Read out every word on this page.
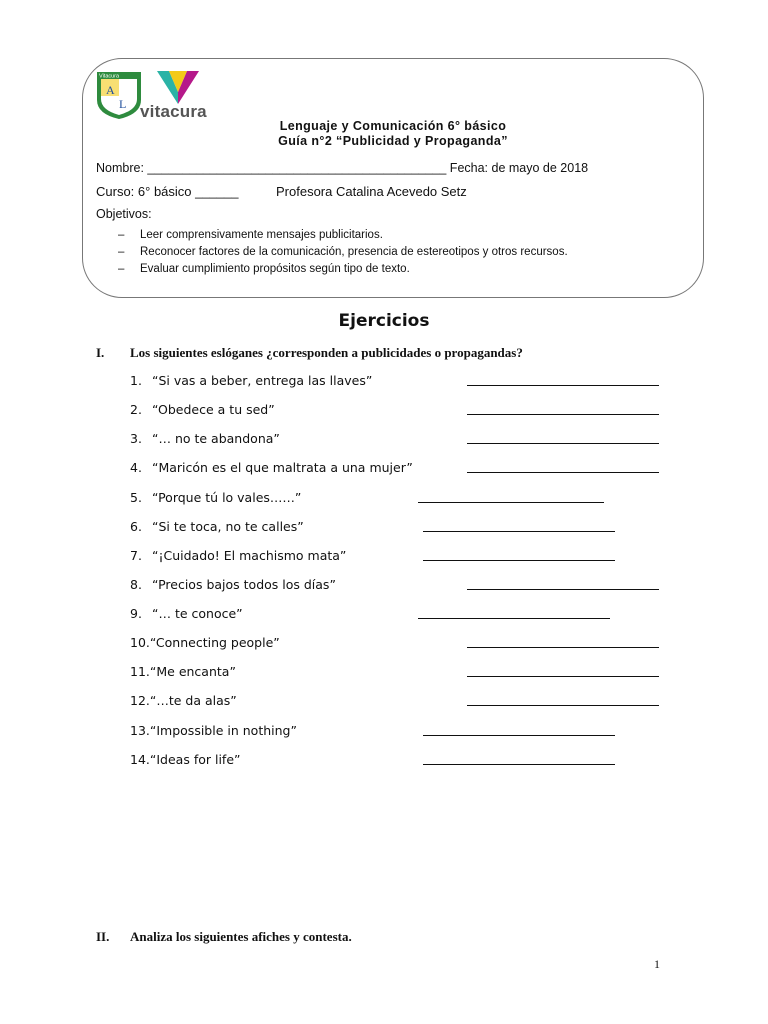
Vitacura
A
L vitacura
Lenguaje y Comunicación 6° básico
Guía n°2 “Publicidad y Propaganda”
Nombre: ___________________________________________ Fecha: de mayo de 2018
Curso: 6° básico ______	Profesora Catalina Acevedo Setz
Objetivos:
– Leer comprensivamente mensajes publicitarios.
– Reconocer factores de la comunicación, presencia de estereotipos y otros recursos.
– Evaluar cumplimiento propósitos según tipo de texto.
Ejercicios
I. Los siguientes eslóganes ¿corresponden a publicidades o propagandas?
1. “Si vas a beber, entrega las llaves”
2. “Obedece a tu sed”
3. “… no te abandona”
4. “Maricón es el que maltrata a una mujer”
5. “Porque tú lo vales……”
6. “Si te toca, no te calles”
7. “¡Cuidado! El machismo mata”
8. “Precios bajos todos los días”
9. “… te conoce”
10.“Connecting people”
11.“Me encanta”
12.“…te da alas”
13.“Impossible in nothing”
14.“Ideas for life”
II. Analiza los siguientes afiches y contesta.
1
